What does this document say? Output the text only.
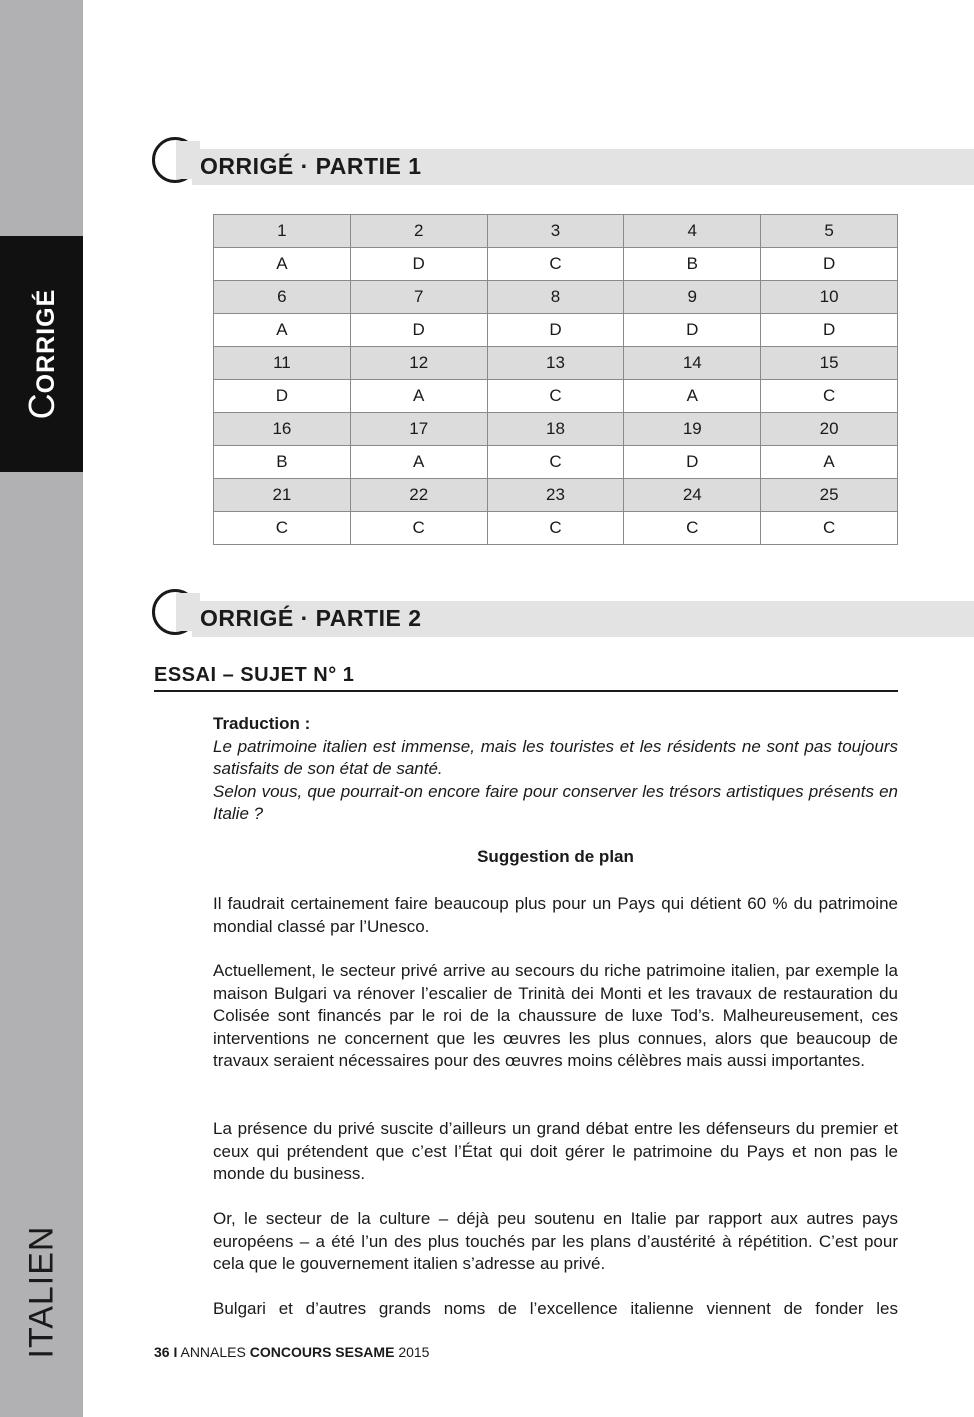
CORRIGÉ
ITALIEN
ORRIGÉ · PARTIE 1
1	2	3	4	5
A	D	C	B	D
6	7	8	9	10
A	D	D	D	D
11	12	13	14	15
D	A	C	A	C
16	17	18	19	20
B	A	C	D	A
21	22	23	24	25
C	C	C	C	C
ORRIGÉ · PARTIE 2
ESSAI – SUJET N° 1

Traduction :

Le patrimoine italien est immense, mais les touristes et les résidents ne sont pas toujours satisfaits de son état de santé.

Selon vous, que pourrait-on encore faire pour conserver les trésors artistiques présents en Italie ?

Suggestion de plan

Il faudrait certainement faire beaucoup plus pour un Pays qui détient 60 % du patrimoine mondial classé par l’Unesco.

Actuellement, le secteur privé arrive au secours du riche patrimoine italien, par exemple la maison Bulgari va rénover l’escalier de Trinità dei Monti et les travaux de restauration du Colisée sont financés par le roi de la chaussure de luxe Tod’s. Malheureusement, ces interventions ne concernent que les œuvres les plus connues, alors que beaucoup de travaux seraient nécessaires pour des œuvres moins célèbres mais aussi importantes.

La présence du privé suscite d’ailleurs un grand débat entre les défenseurs du premier et ceux qui prétendent que c’est l’État qui doit gérer le patrimoine du Pays et non pas le monde du business.

Or, le secteur de la culture – déjà peu soutenu en Italie par rapport aux autres pays européens – a été l’un des plus touchés par les plans d’austérité à répétition. C’est pour cela que le gouvernement italien s’adresse au privé.

Bulgari et d’autres grands noms de l’excellence italienne viennent de fonder les

36 I ANNALES CONCOURS SESAME 2015
